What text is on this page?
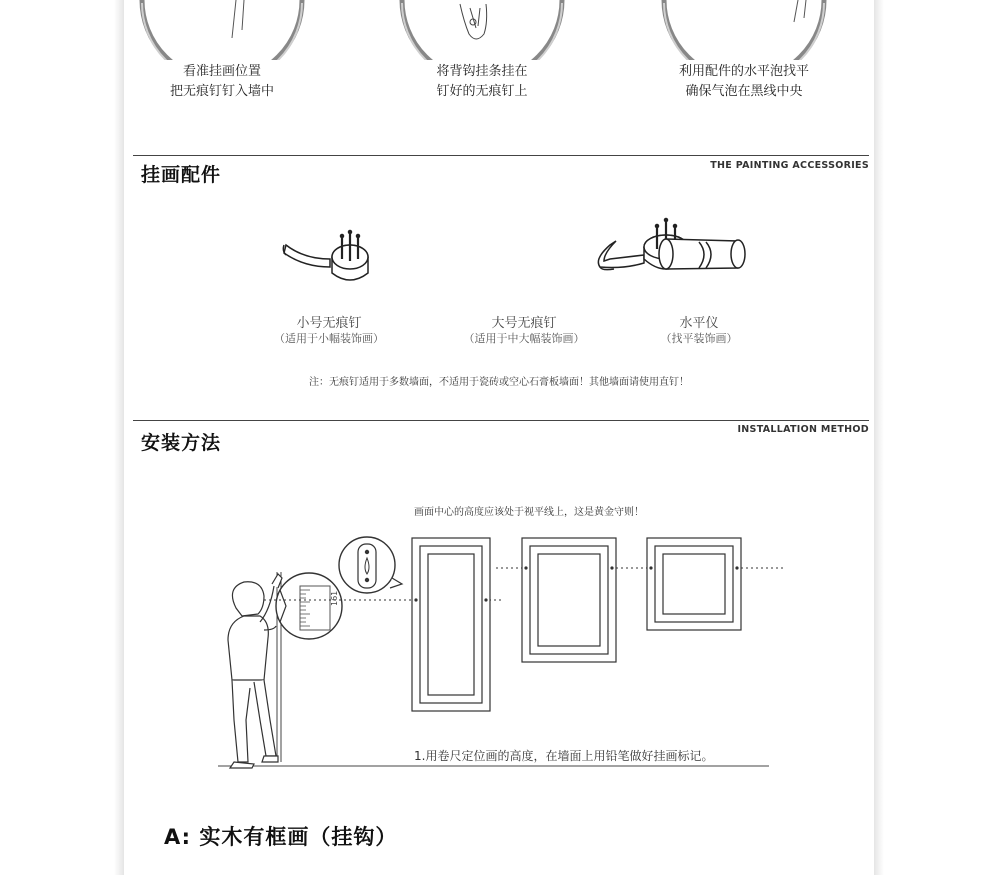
看准挂画位置
把无痕钉钉入墙中
将背钩挂条挂在
钉好的无痕钉上
利用配件的水平泡找平
确保气泡在黑线中央
挂画配件	THE PAINTING ACCESSORIES
小号无痕钉
（适用于小幅装饰画）
大号无痕钉
（适用于中大幅装饰画）
水平仪
（找平装饰画）
注：无痕钉适用于多数墙面，不适用于瓷砖或空心石膏板墙面！其他墙面请使用直钉！
安装方法
INSTALLATION METHOD
画面中心的高度应该处于视平线上，这是黄金守则！
161
1.用卷尺定位画的高度，在墙面上用铅笔做好挂画标记。
A: 实木有框画（挂钩）
